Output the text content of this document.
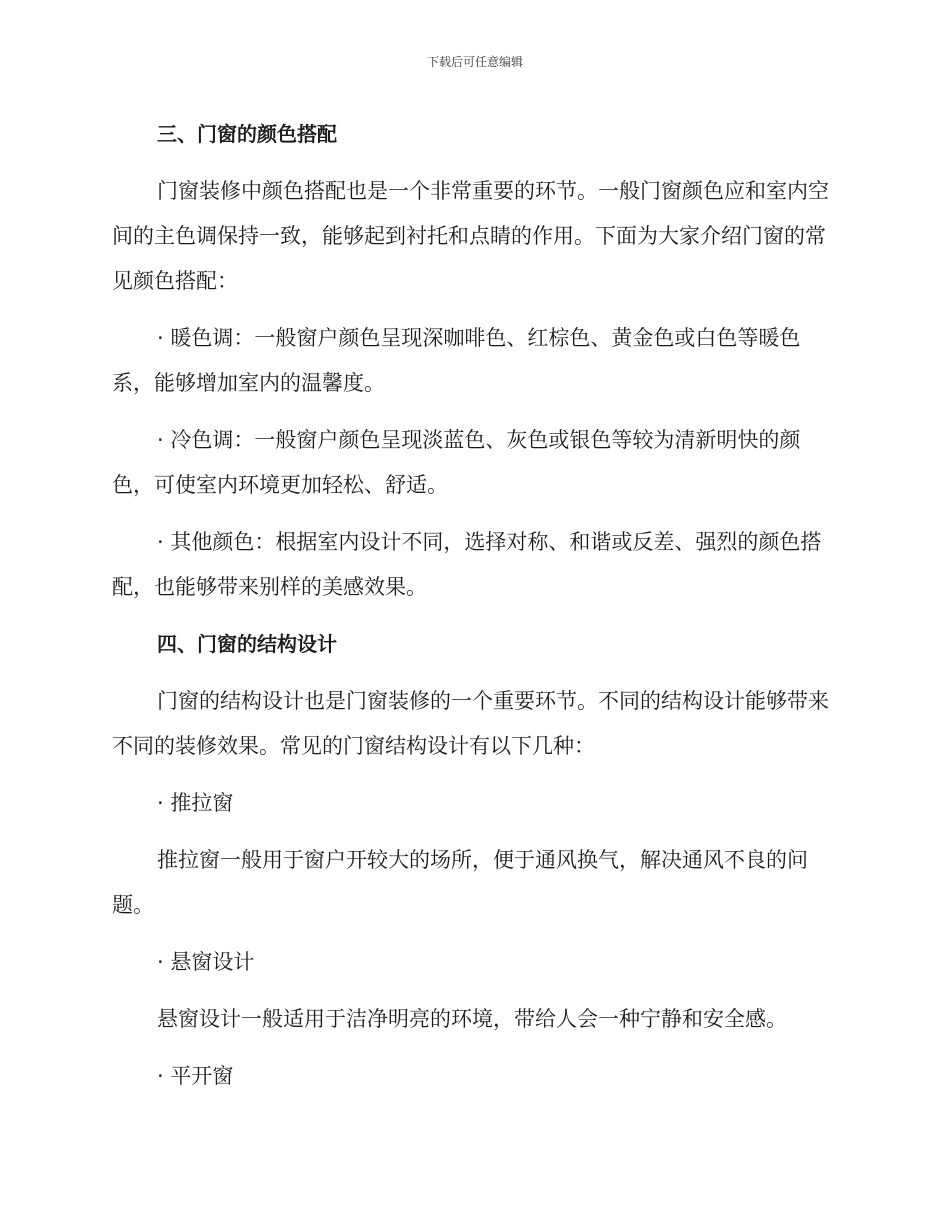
下载后可任意编辑
三、门窗的颜色搭配
门窗装修中颜色搭配也是一个非常重要的环节。一般门窗颜色应和室内空间的主色调保持一致，能够起到衬托和点睛的作用。下面为大家介绍门窗的常见颜色搭配：
· 暖色调：一般窗户颜色呈现深咖啡色、红棕色、黄金色或白色等暖色系，能够增加室内的温馨度。
· 冷色调：一般窗户颜色呈现淡蓝色、灰色或银色等较为清新明快的颜色，可使室内环境更加轻松、舒适。
· 其他颜色：根据室内设计不同，选择对称、和谐或反差、强烈的颜色搭配，也能够带来别样的美感效果。
四、门窗的结构设计
门窗的结构设计也是门窗装修的一个重要环节。不同的结构设计能够带来不同的装修效果。常见的门窗结构设计有以下几种：
· 推拉窗
推拉窗一般用于窗户开较大的场所，便于通风换气，解决通风不良的问题。
· 悬窗设计
悬窗设计一般适用于洁净明亮的环境，带给人会一种宁静和安全感。
· 平开窗
